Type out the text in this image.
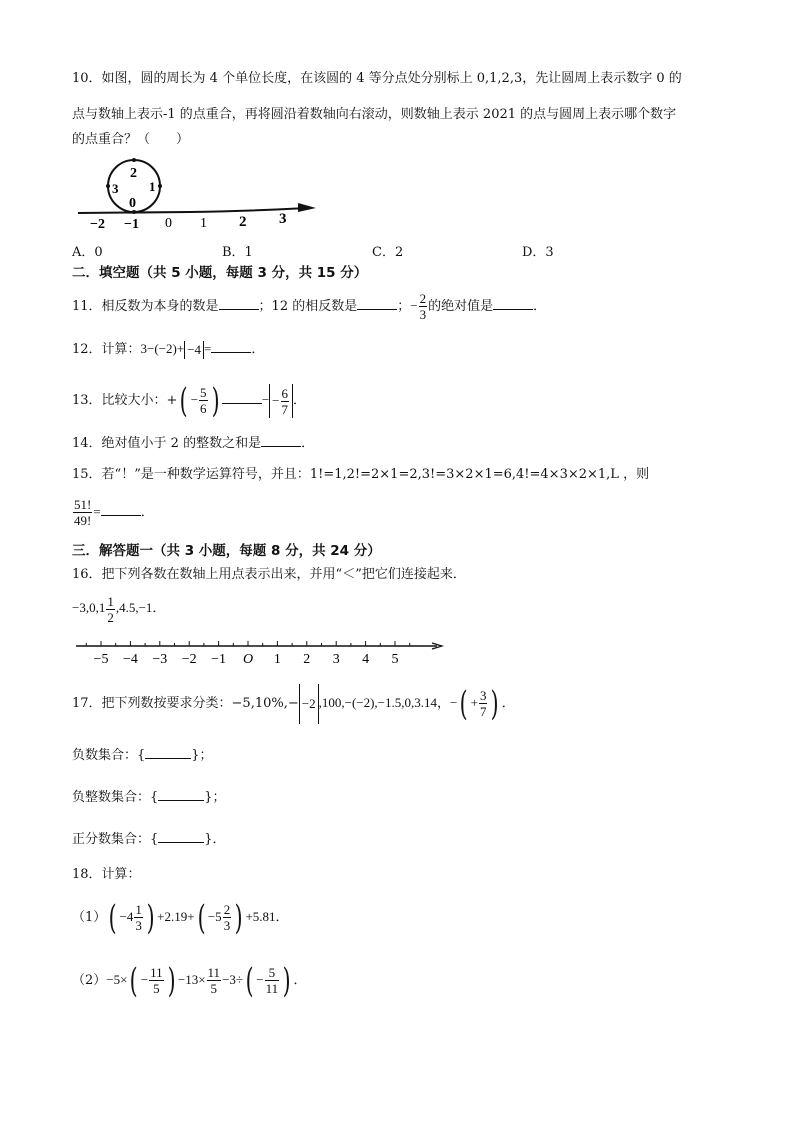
10．如图，圆的周长为 4 个单位长度，在该圆的 4 等分点处分别标上 0,1,2,3，先让圆周上表示数字 0 的
点与数轴上表示-1 的点重合，再将圆沿着数轴向右滚动，则数轴上表示 2021 的点与圆周上表示哪个数字
的点重合？（　　）
2
3 1
0
−2 −1 0 1 2 3
A．0	B．1	C．2	D．3
二．填空题（共 5 小题，每题 3 分，共 15 分）
11．相反数为本身的数是	；12 的相反数是	；− $\frac{2}{3}$ 的绝对值是	．
12．计算：3−(−2)+ −4 =	．
13．比较大小：+( − $\frac{5}{6}$ )	− − $\frac{6}{7}$ ．
14．绝对值小于 2 的整数之和是	．
15．若“！”是一种数学运算符号，并且：1!=1,2!=2×1=2,3!=3×2×1=6,4!=4×3×2×1,L ，则
$\frac{51!}{49!}$ =	．
三．解答题一（共 3 小题，每题 8 分，共 24 分）
16．把下列各数在数轴上用点表示出来，并用“＜”把它们连接起来．
$-3,0,1 \frac{1}{2} ,4.5,-1$．
−5 −4 −3 −2 −1 O 1 2 3 4 5
17．把下列数按要求分类：−5,10%,− −2 ,100,−(−2),−1.5,0,3.14，−( + $\frac{3}{7}$ ) ．
负数集合：{	}；
负整数集合：{	}；
正分数集合：{	}．
18．计算：
$(1)( -4 \frac{1}{3}$ ) $+2.19+( -5 \frac{2}{3}$ ) +5.81．
$(2)-5\times( - \frac{11}{5}$ ) $-13\times \frac{11}{5} -3\div( - \frac{5}{11}$ ) ．
